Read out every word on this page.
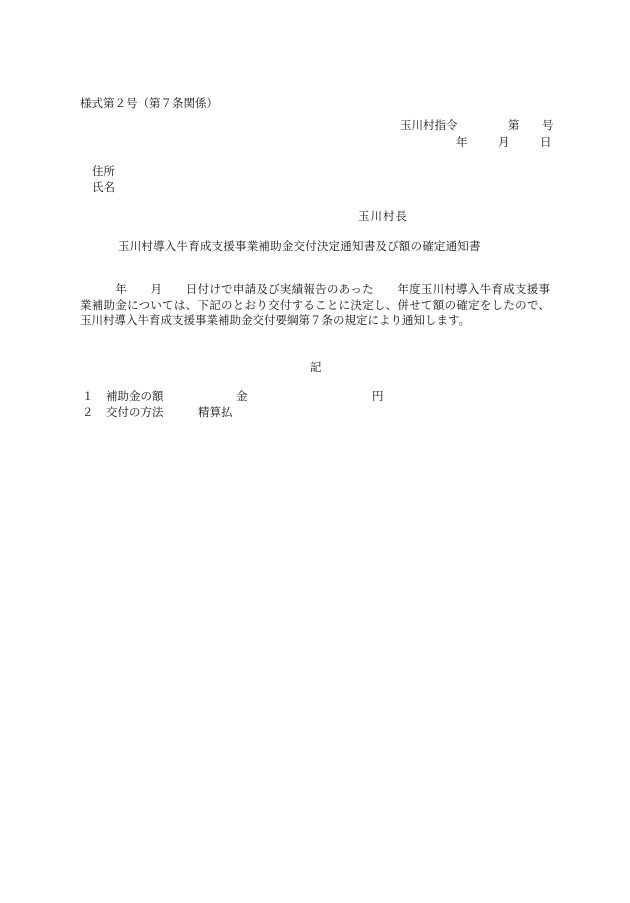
様式第２号（第７条関係）
玉川村指令	第 号
年	月	日
住所
氏名
玉川村長
玉川村導入牛育成支援事業補助金交付決定通知書及び額の確定通知書
　　　年　　月　　日付けで申請及び実績報告のあった　　年度玉川村導入牛育成支援事業補助金については、下記のとおり交付することに決定し、併せて額の確定をしたので、玉川村導入牛育成支援事業補助金交付要綱第７条の規定により通知します。
記
１ 補助金の額	金	円
２ 交付の方法	精算払
